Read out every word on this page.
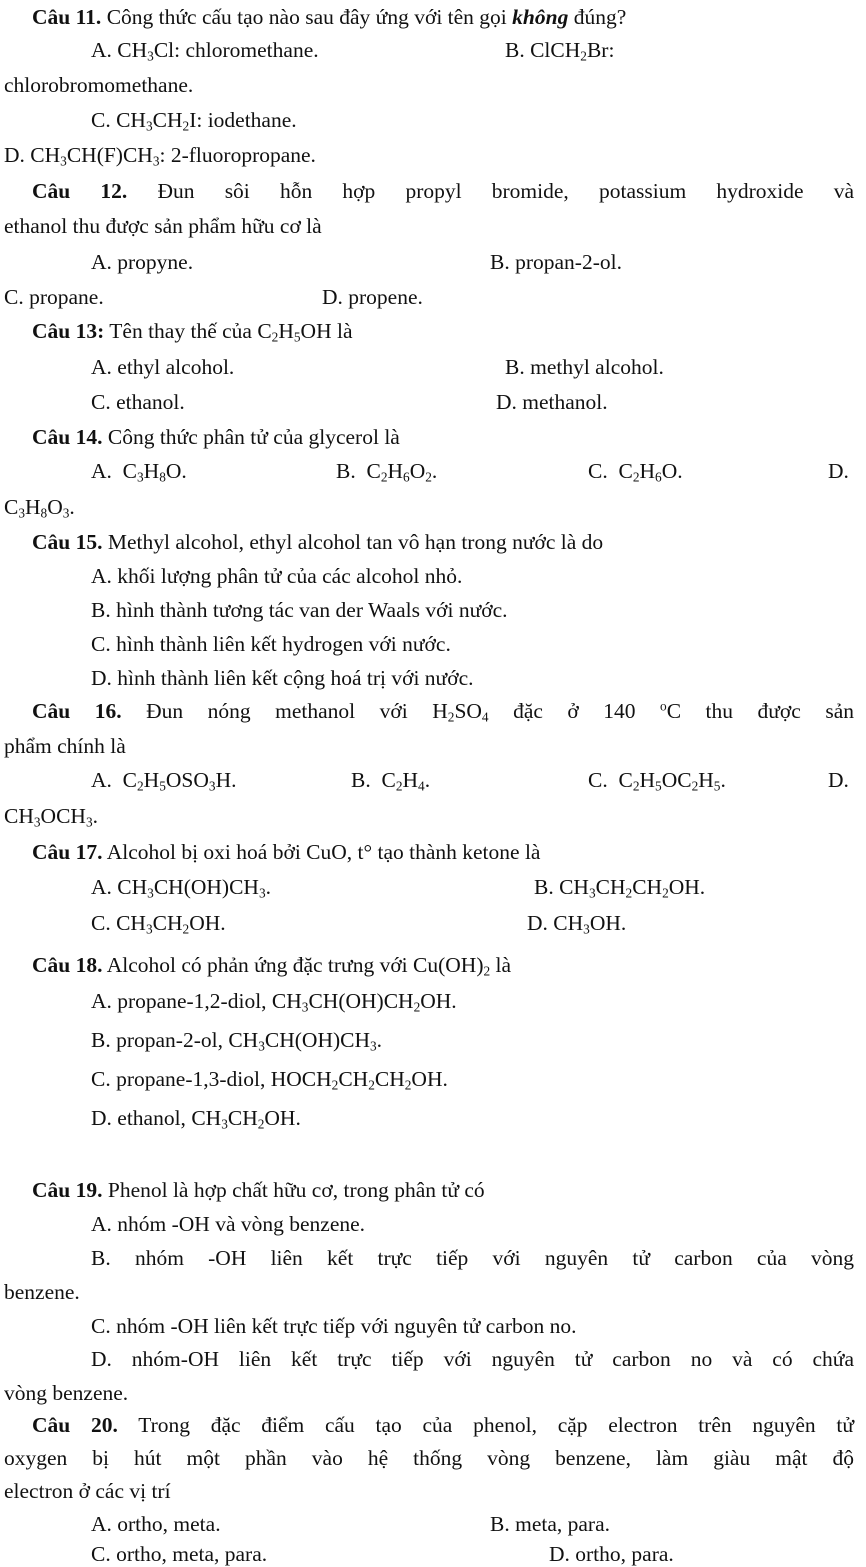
Câu 11. Công thức cấu tạo nào sau đây ứng với tên gọi không đúng?
A. $CH_3Cl$: chloromethane.	B. ClCH$_2$Br:
chlorobromomethane.
C. $CH_3CH_2I$: iodethane.
D. $CH_3CH(F)CH_3$: 2-fluoropropane.
Câu 12. Đun sôi hỗn hợp propyl bromide, potassium hydroxide và
ethanol thu được sản phẩm hữu cơ là
A. propyne.	B. propan-2-ol.
C. propane.	D. propene.
Câu 13: Tên thay thế của $C_2H_5OH$ là
A. ethyl alcohol.	B. methyl alcohol.
C. ethanol.	D. methanol.
Câu 14. Công thức phân tử của glycerol là
A. $C_3H_8O$.	B. $C_2H_6O_2$.	C. $C_2H_6O$.	D.
$C_3H_8O_3$.
Câu 15. Methyl alcohol, ethyl alcohol tan vô hạn trong nước là do
A. khối lượng phân tử của các alcohol nhỏ.
B. hình thành tương tác van der Waals với nước.
C. hình thành liên kết hydrogen với nước.
D. hình thành liên kết cộng hoá trị với nước.
Câu 16. Đun nóng methanol với $H_2SO_4$ đặc ở 140 $^o$C thu được sản
phẩm chính là
A. $C_2H_5OSO_3H$.	B. $C_2H_4$.	C. $C_2H_5OC_2H_5$.	D.
$CH_3OCH_3$.
Câu 17. Alcohol bị oxi hoá bởi CuO, t° tạo thành ketone là
A. $CH_3CH(OH)CH_3$.	B. $CH_3CH_2CH_2OH$.
C. $CH_3CH_2OH$.	D. $CH_3OH$.
Câu 18. Alcohol có phản ứng đặc trưng với $Cu(OH)_2$ là
A. propane-1,2-diol, $CH_3CH(OH)CH_2OH$.
B. propan-2-ol, $CH_3CH(OH)CH_3$.
C. propane-1,3-diol, $HOCH_2CH_2CH_2OH$.
D. ethanol, $CH_3CH_2OH$.
Câu 19. Phenol là hợp chất hữu cơ, trong phân tử có
A. nhóm -OH và vòng benzene.
B. nhóm -OH liên kết trực tiếp với nguyên tử carbon của vòng
benzene.
C. nhóm -OH liên kết trực tiếp với nguyên tử carbon no.
D. nhóm-OH liên kết trực tiếp với nguyên tử carbon no và có chứa
vòng benzene.
Câu 20. Trong đặc điểm cấu tạo của phenol, cặp electron trên nguyên tử
oxygen bị hút một phần vào hệ thống vòng benzene, làm giàu mật độ
electron ở các vị trí
A. ortho, meta.	B. meta, para.
C. ortho, meta, para.	D. ortho, para.
